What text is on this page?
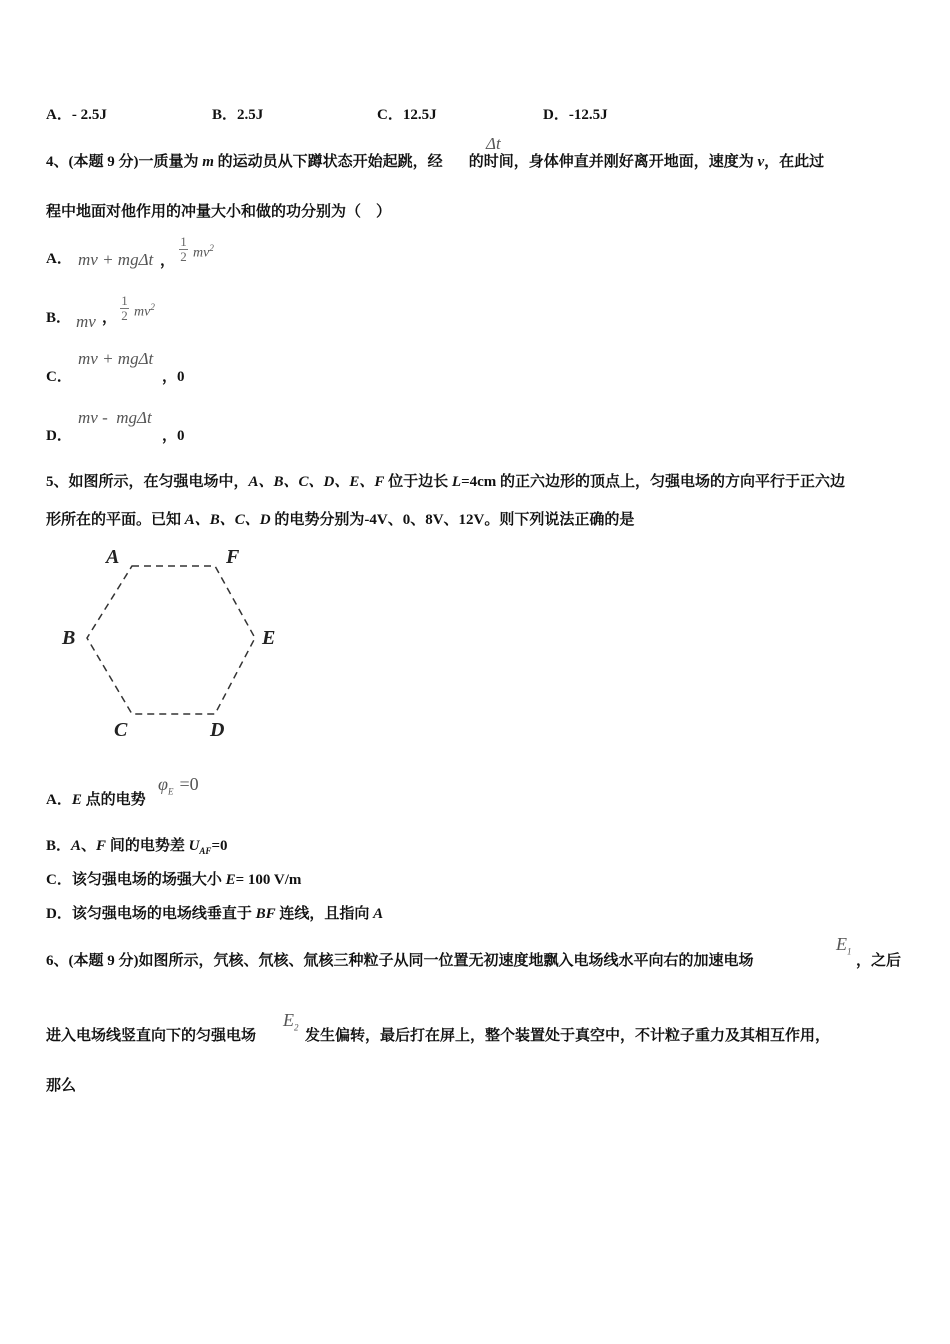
A．- 2.5J	B．2.5J	C．12.5J	D．-12.5J
4、(本题 9 分)一质量为 m 的运动员从下蹲状态开始起跳，经 的时间，身体伸直并刚好离开地面，速度为 v，在此过
Δt
程中地面对他作用的冲量大小和做的功分别为（　）
A． mv + mgΔt ，
1
2 $mv^2$
B． mv ，
1
2 $mv^2$
C．
mv + mgΔt
，0
D．
mv -  mgΔt
，0
5、如图所示，在匀强电场中，A、B、C、D、E、F 位于边长 L=4cm 的正六边形的顶点上，匀强电场的方向平行于正六边
形所在的平面。已知 A、B、C、D 的电势分别为-4V、0、8V、12V。则下列说法正确的是
A	F
B	E
C	D
A．E 点的电势
$\varphi_E =0$
B．A、F 间的电势差 $U_{AF}=0$
C．该匀强电场的场强大小 E= 100 V/m
D．该匀强电场的电场线垂直于 BF 连线，且指向 A
6、(本题 9 分)如图所示，氕核、氘核、氚核三种粒子从同一位置无初速度地飘入电场线水平向右的加速电场
$E_1$
，之后
进入电场线竖直向下的匀强电场
$E_2$
发生偏转，最后打在屏上，整个装置处于真空中，不计粒子重力及其相互作用，
那么
